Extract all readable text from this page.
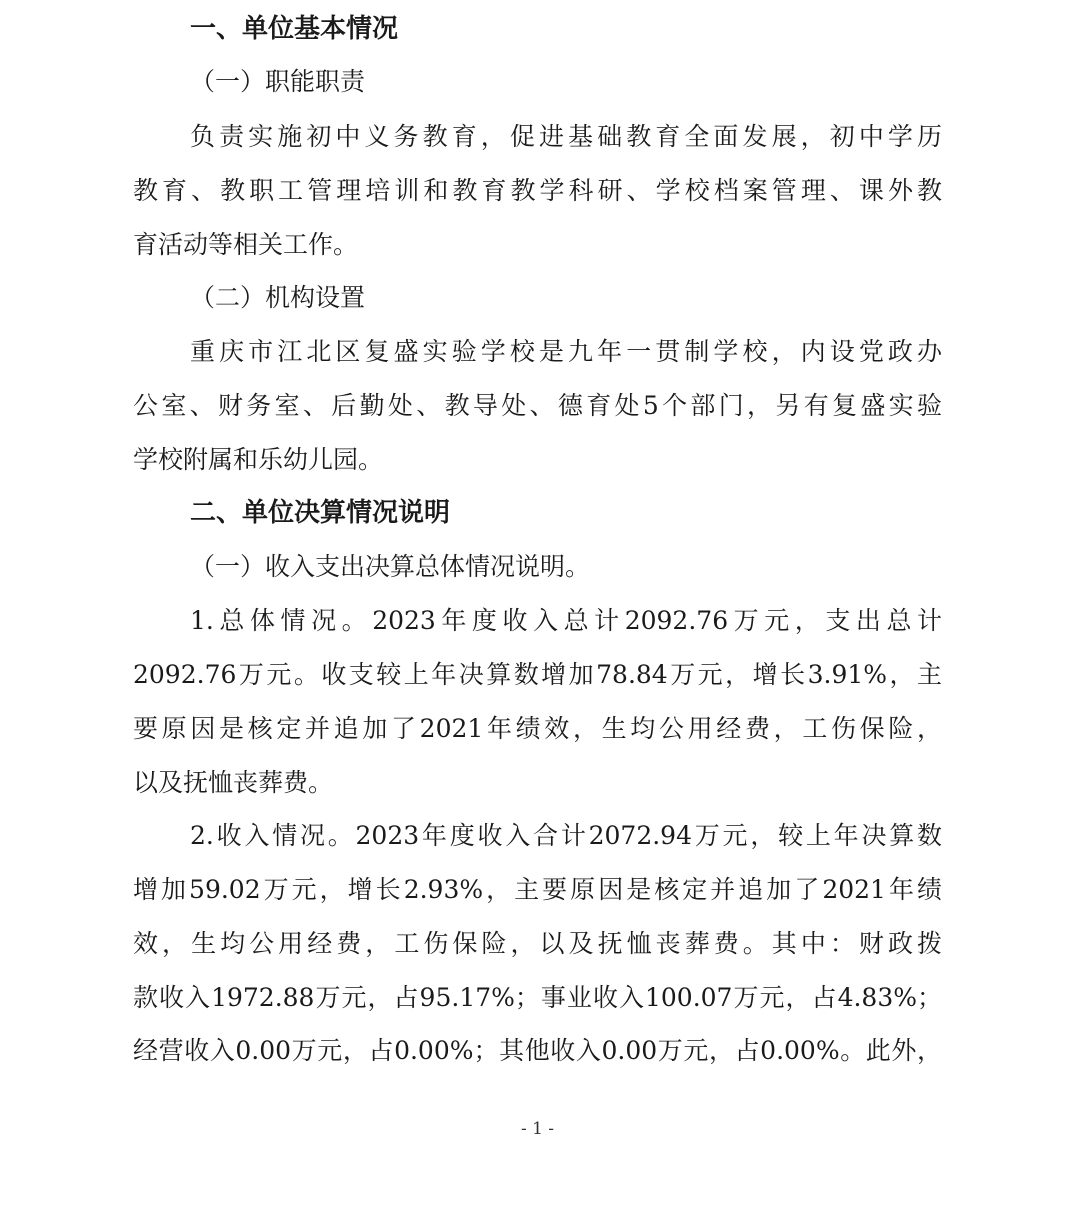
一、单位基本情况
（一）职能职责
负责实施初中义务教育，促进基础教育全面发展，初中学历
教育、教职工管理培训和教育教学科研、学校档案管理、课外教
育活动等相关工作。
（二）机构设置
重庆市江北区复盛实验学校是九年一贯制学校，内设党政办
公室、财务室、后勤处、教导处、德育处5个部门，另有复盛实验
学校附属和乐幼儿园。
二、单位决算情况说明
（一）收入支出决算总体情况说明。
1.总体情况。2023年度收入总计2092.76万元，支出总计
2092.76万元。收支较上年决算数增加78.84万元，增长3.91%，主
要原因是核定并追加了2021年绩效，生均公用经费，工伤保险，
以及抚恤丧葬费。
2.收入情况。2023年度收入合计2072.94万元，较上年决算数
增加59.02万元，增长2.93%，主要原因是核定并追加了2021年绩
效，生均公用经费，工伤保险，以及抚恤丧葬费。其中：财政拨
款收入1972.88万元，占95.17%；事业收入100.07万元，占4.83%；
经营收入0.00万元，占0.00%；其他收入0.00万元，占0.00%。此外，
- 1 -
